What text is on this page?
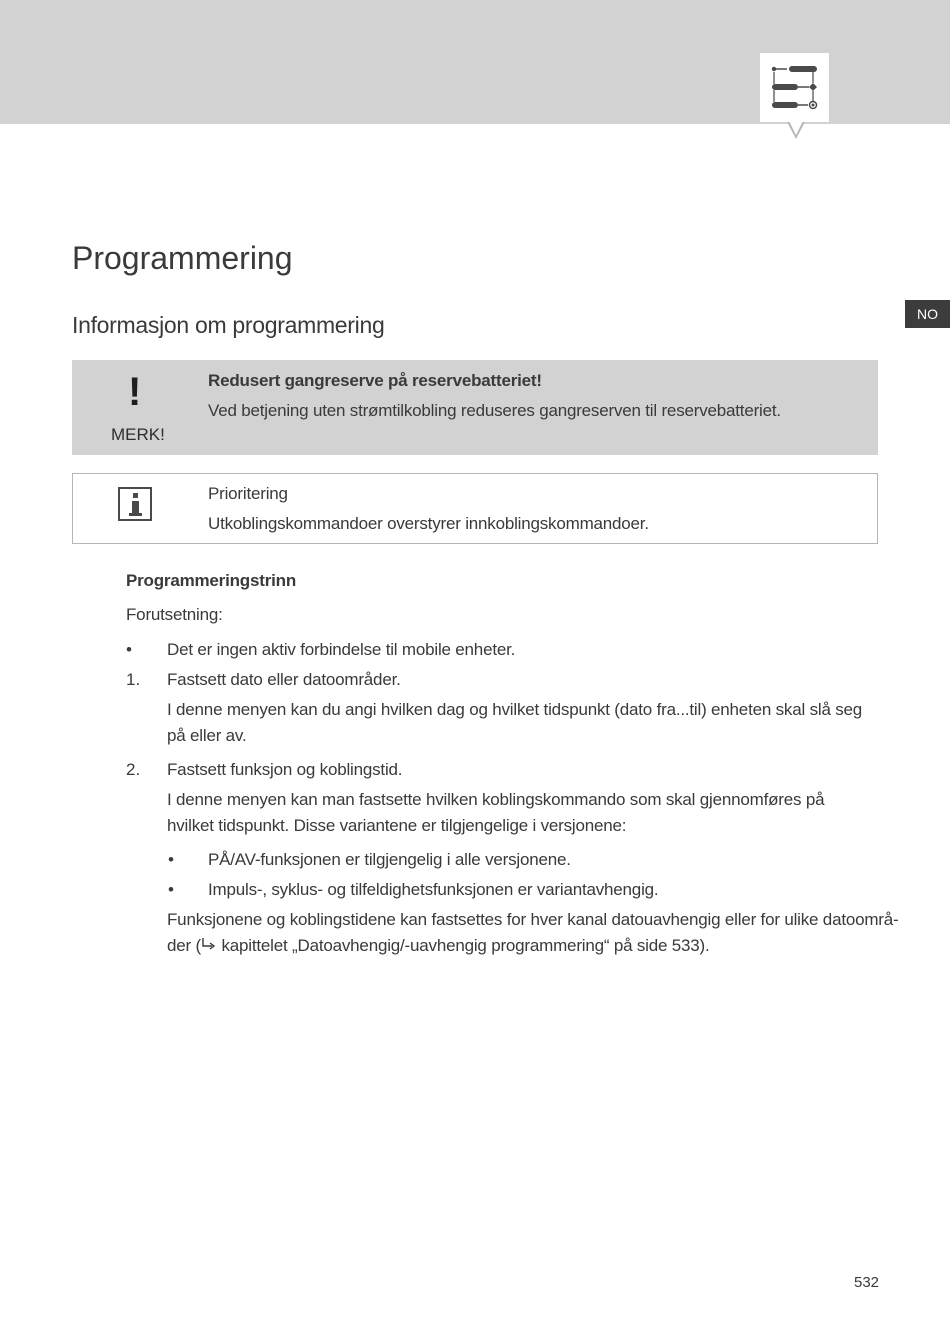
NO
Programmering
Informasjon om programmering
!
MERK!
Redusert gangreserve på reservebatteriet!
Ved betjening uten strømtilkobling reduseres gangreserven til reservebatteriet.
Prioritering
Utkoblingskommandoer overstyrer innkoblingskommandoer.
Programmeringstrinn
Forutsetning:
• Det er ingen aktiv forbindelse til mobile enheter.
1. Fastsett dato eller datoområder.
I denne menyen kan du angi hvilken dag og hvilket tidspunkt (dato fra...til) enheten skal slå seg på eller av.
2. Fastsett funksjon og koblingstid.
I denne menyen kan man fastsette hvilken koblingskommando som skal gjennomføres på hvilket tidspunkt. Disse variantene er tilgjengelige i versjonene:
• PÅ/AV-funksjonen er tilgjengelig i alle versjonene.
• Impuls-, syklus- og tilfeldighetsfunksjonen er variantavhengig.
Funksjonene og koblingstidene kan fastsettes for hver kanal datouavhengig eller for ulike datoområ-
der ( kapittelet „Datoavhengig/-uavhengig programmering“ på side 533).
532
